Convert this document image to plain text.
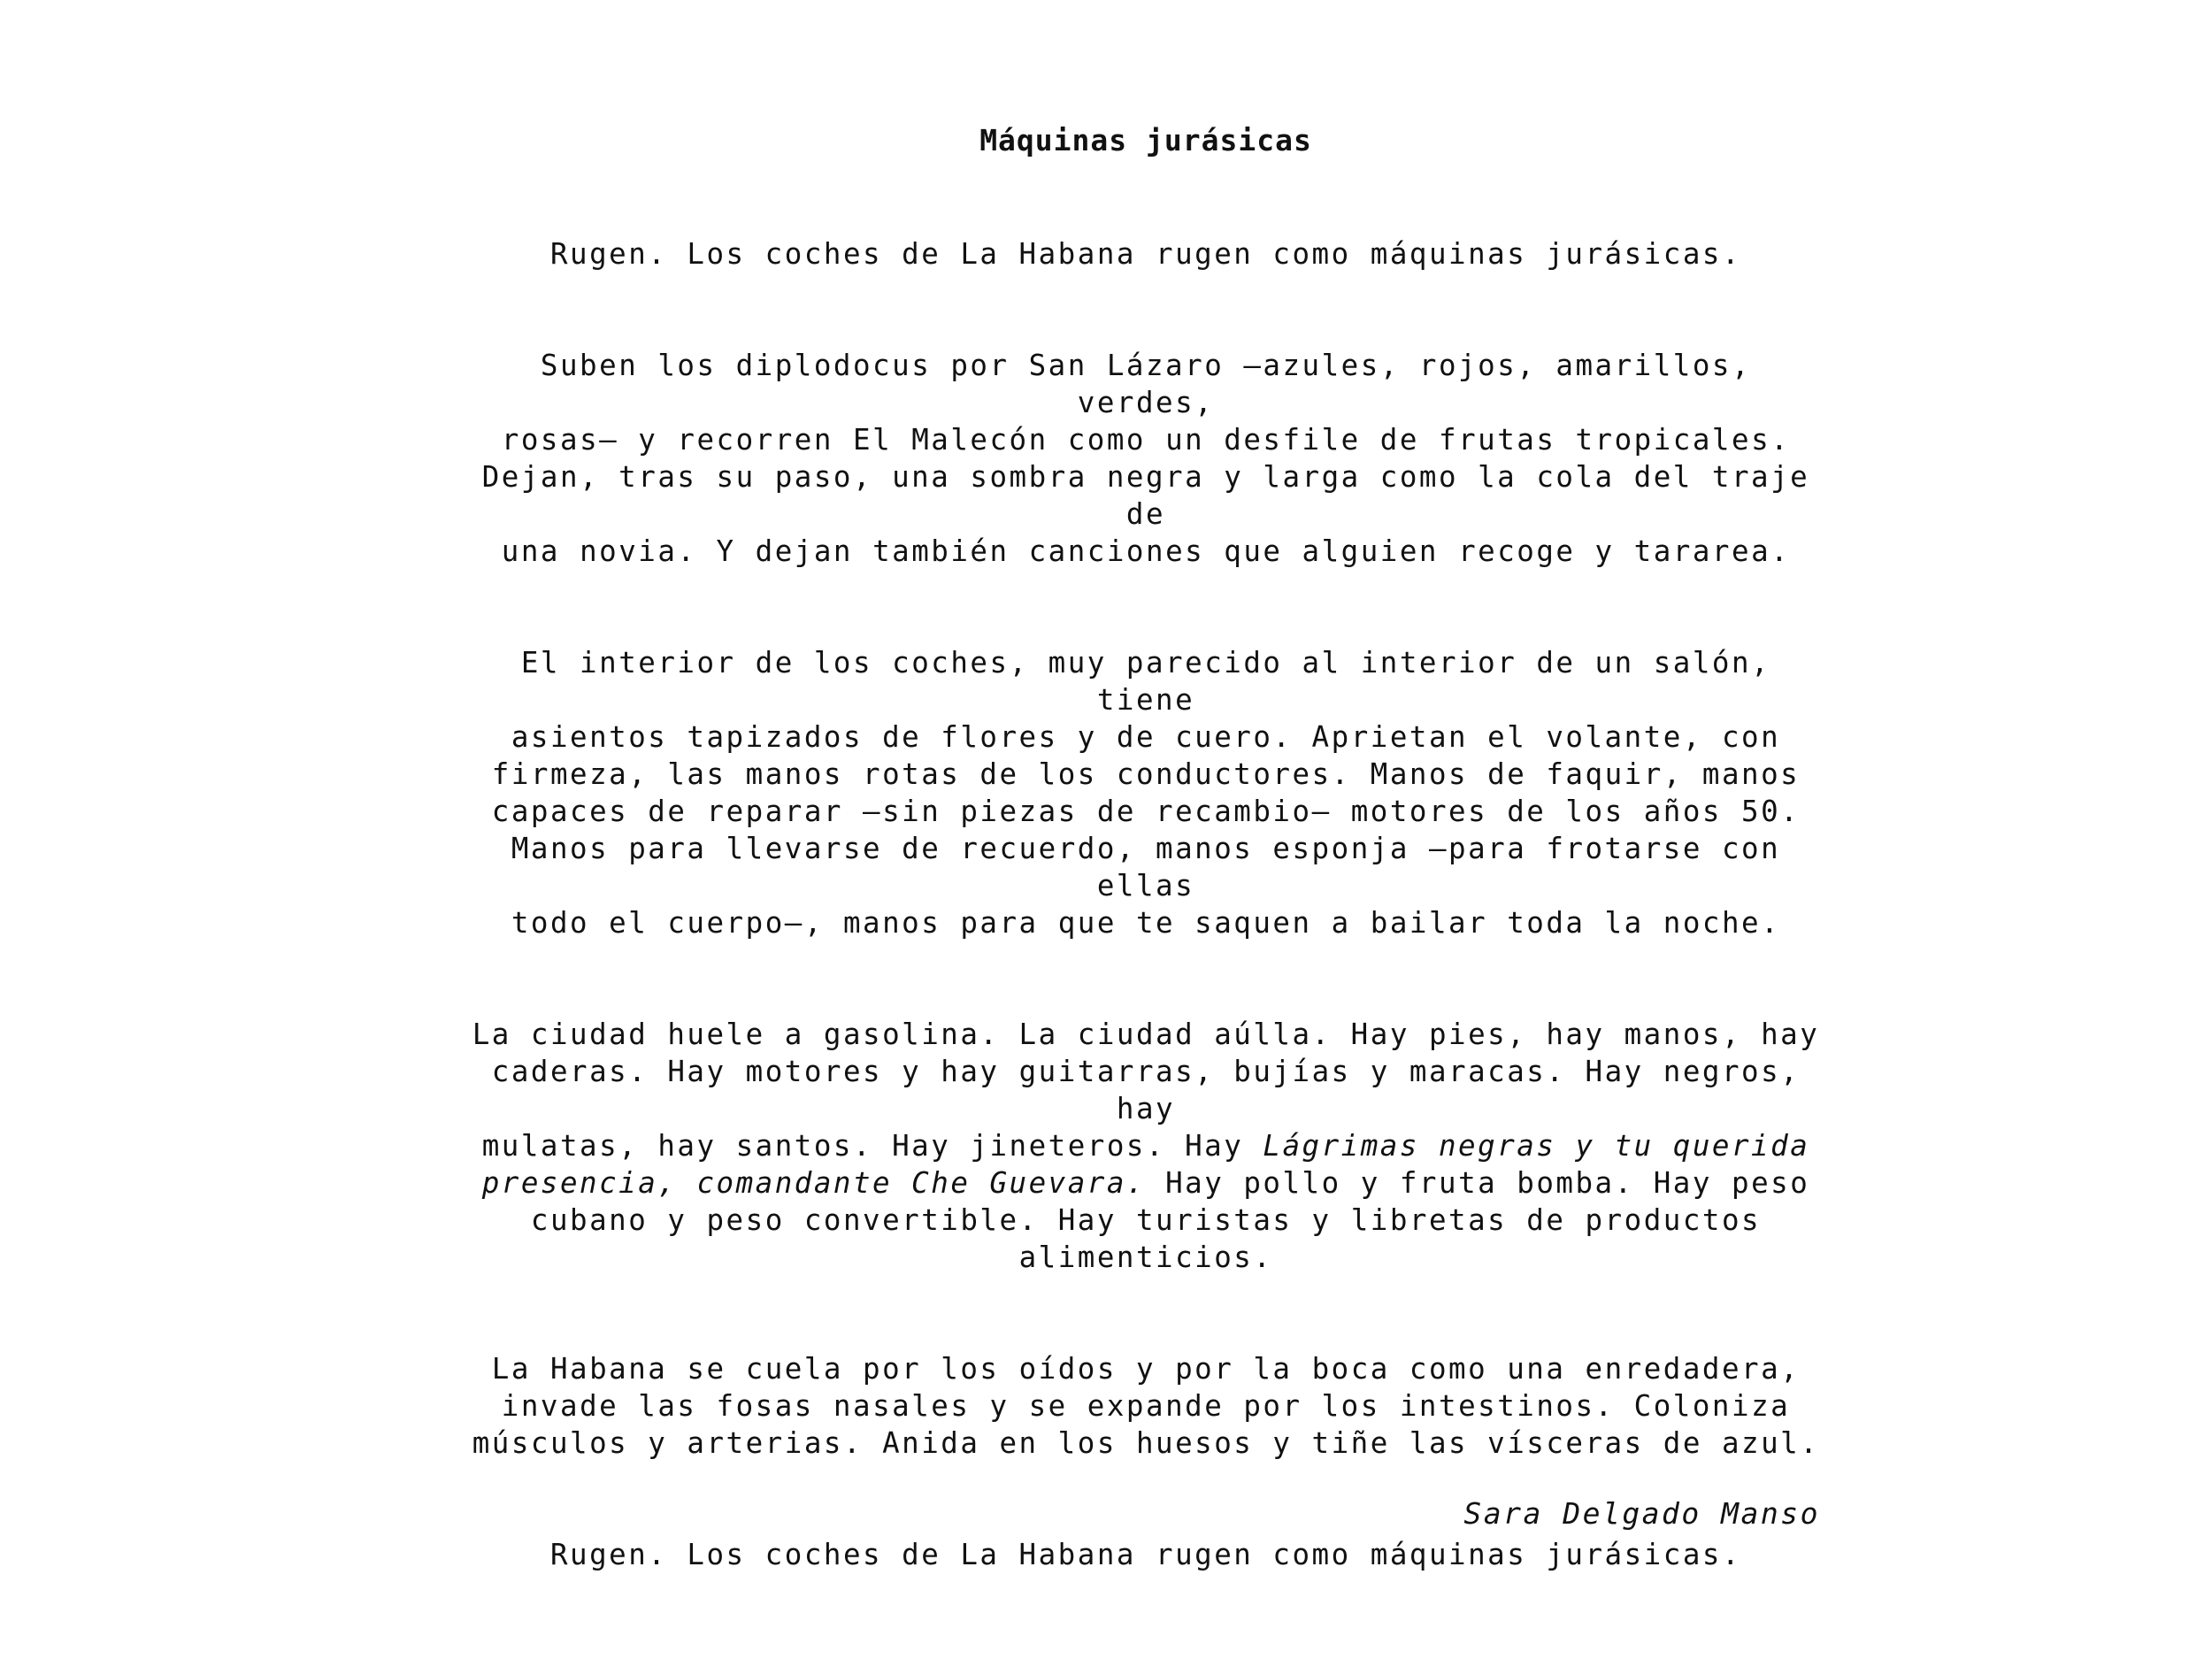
Máquinas jurásicas

Rugen. Los coches de La Habana rugen como máquinas jurásicas.

Suben los diplodocus por San Lázaro —azules, rojos, amarillos, verdes,
rosas— y recorren El Malecón como un desfile de frutas tropicales.
Dejan, tras su paso, una sombra negra y larga como la cola del traje de
una novia. Y dejan también canciones que alguien recoge y tararea.

El interior de los coches, muy parecido al interior de un salón, tiene
asientos tapizados de flores y de cuero. Aprietan el volante, con
firmeza, las manos rotas de los conductores. Manos de faquir, manos
capaces de reparar —sin piezas de recambio— motores de los años 50.
Manos para llevarse de recuerdo, manos esponja —para frotarse con ellas
todo el cuerpo—, manos para que te saquen a bailar toda la noche.

La ciudad huele a gasolina. La ciudad aúlla. Hay pies, hay manos, hay
caderas. Hay motores y hay guitarras, bujías y maracas. Hay negros, hay
mulatas, hay santos. Hay jineteros. Hay Lágrimas negras y tu querida
presencia, comandante Che Guevara. Hay pollo y fruta bomba. Hay peso
cubano y peso convertible. Hay turistas y libretas de productos
alimenticios.

La Habana se cuela por los oídos y por la boca como una enredadera,
invade las fosas nasales y se expande por los intestinos. Coloniza
músculos y arterias. Anida en los huesos y tiñe las vísceras de azul.

Rugen. Los coches de La Habana rugen como máquinas jurásicas.

Sara Delgado Manso
